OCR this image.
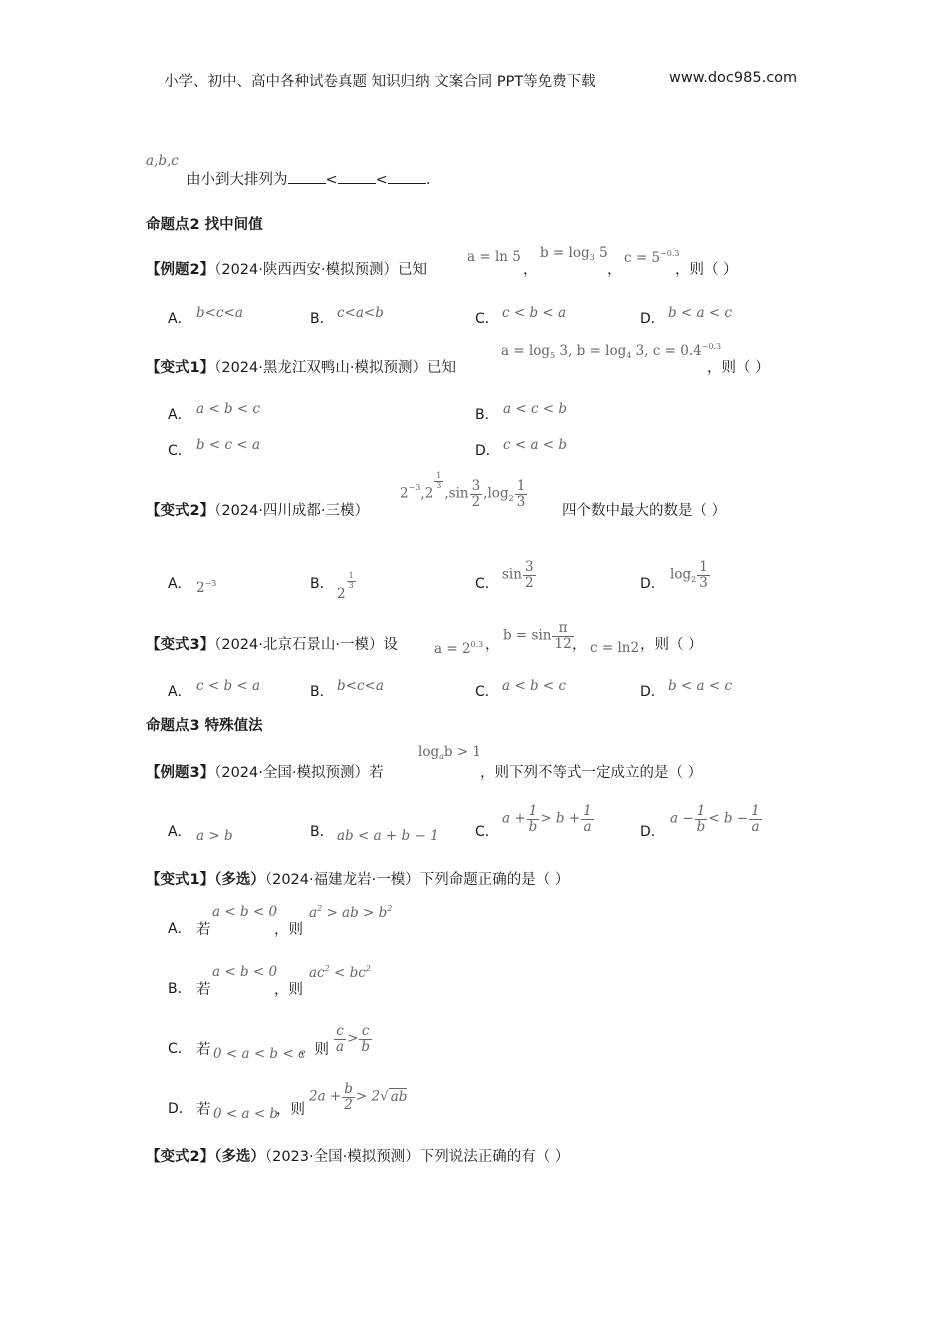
小学、初中、高中各种试卷真题 知识归纳 文案合同 PPT等免费下载	www.doc985.com
a,b,c
由小到大排列为	<	<	.
命题点2 找中间值
【例题2】（2024·陕西西安·模拟预测）已知
a = ln 5
，
$b = \log_3 5$
，
$c = 5^{-0.3}$
，则（ ）
A． b<c<a	B． c<a<b	C． c < b < a	D． b < a < c
【变式1】（2024·黑龙江双鸭山·模拟预测）已知
$a = \log_5 3$, $b = \log_4 3$, $c = 0.4^{-0.3}$
，则（ ）
A． a < b < c	B． a < c < b
C． b < c < a	D． c < a < b
【变式2】（2024·四川成都·三模）
$2^{-3},2$
$\frac{1}{3}$
$,\sin \frac{3}{2} ,\log_2 \frac{1}{3}$
四个数中最大的数是（ ）
A． $2^{-3}$	B．
2
$\frac{1}{3}$	C．
$\sin \frac{3}{2}$	D．
$\log_2 \frac{1}{3}$
【变式3】（2024·北京石景山·一模）设	$a = 2^{0.3}$ ，
$b = \sin \frac{\pi}{12}$
， c = ln2 ，则（ ）
A． c < b < a	B． b<c<a	C． a < b < c	D． b < a < c
命题点3 特殊值法
【例题3】（2024·全国·模拟预测）若
$\log_ab > 1$
，则下列不等式一定成立的是（ ）
A． a > b	B． ab < a + b − 1	C．
$a + \frac{1}{b} > b + \frac{1}{a}$	D．
$a - \frac{1}{b} < b - \frac{1}{a}$
【变式1】（多选）（2024·福建龙岩·一模）下列命题正确的是（ ）
A． 若
a < b < 0
，则
$a^2$ > ab > $b^2$
B． 若
a < b < 0
，则
$ac^2 < bc^2$
C． 若 0 < a < b < c
，则 $\frac{c}{a} > \frac{c}{b}$
D． 若 0 < a < b
，则
$2a + \frac{b}{2} > 2√$ ab
【变式2】（多选）（2023·全国·模拟预测）下列说法正确的有（ ）
